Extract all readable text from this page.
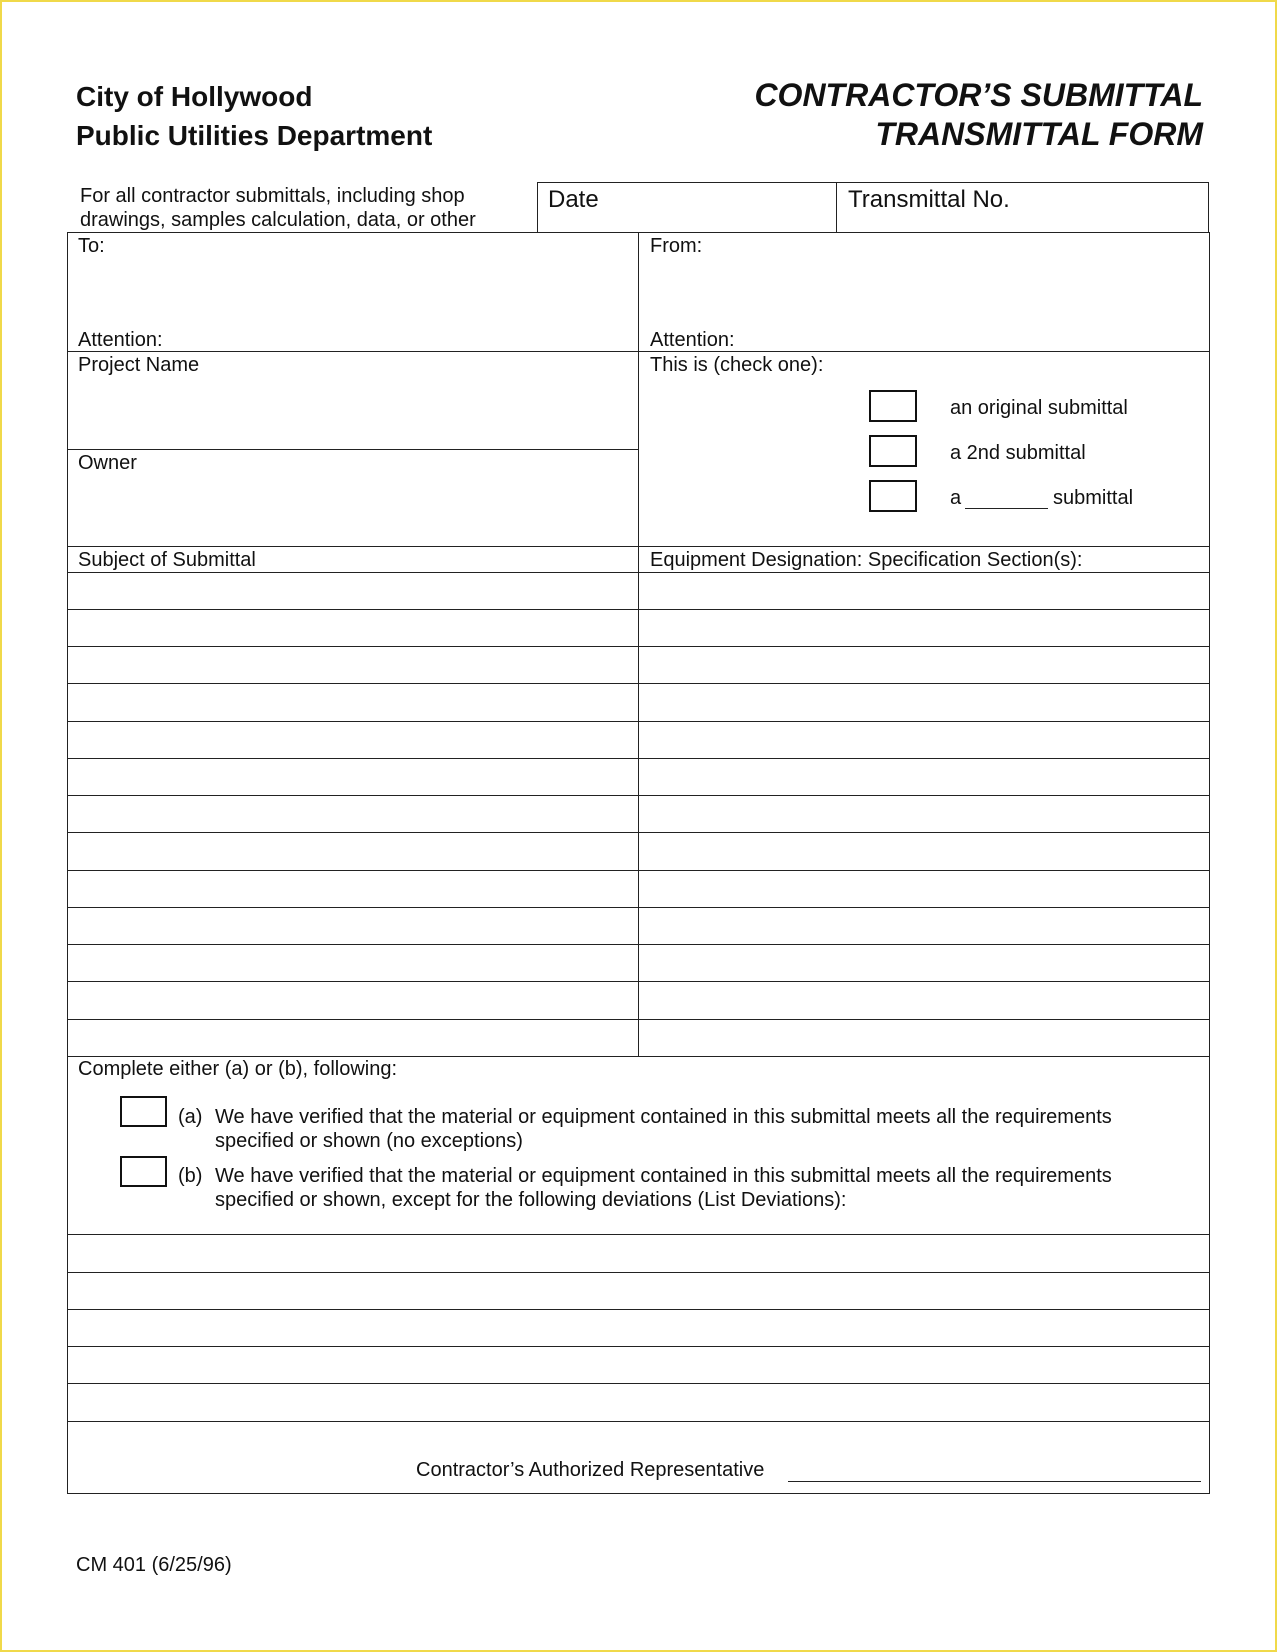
City of Hollywood
Public Utilities Department
CONTRACTOR’S SUBMITTAL
TRANSMITTAL FORM
For all contractor submittals, including shop
drawings, samples calculation, data, or other
Date	Transmittal No.
To:	From:
Attention:	Attention:
Project Name
Owner
This is (check one):
an original submittal
a 2nd submittal
a	submittal
Subject of Submittal	Equipment Designation: Specification Section(s):
Complete either (a) or (b), following:
(a) We have verified that the material or equipment contained in this submittal meets all the requirements
specified or shown (no exceptions)
(b) We have verified that the material or equipment contained in this submittal meets all the requirements
specified or shown, except for the following deviations (List Deviations):
Contractor’s Authorized Representative
CM 401 (6/25/96)
